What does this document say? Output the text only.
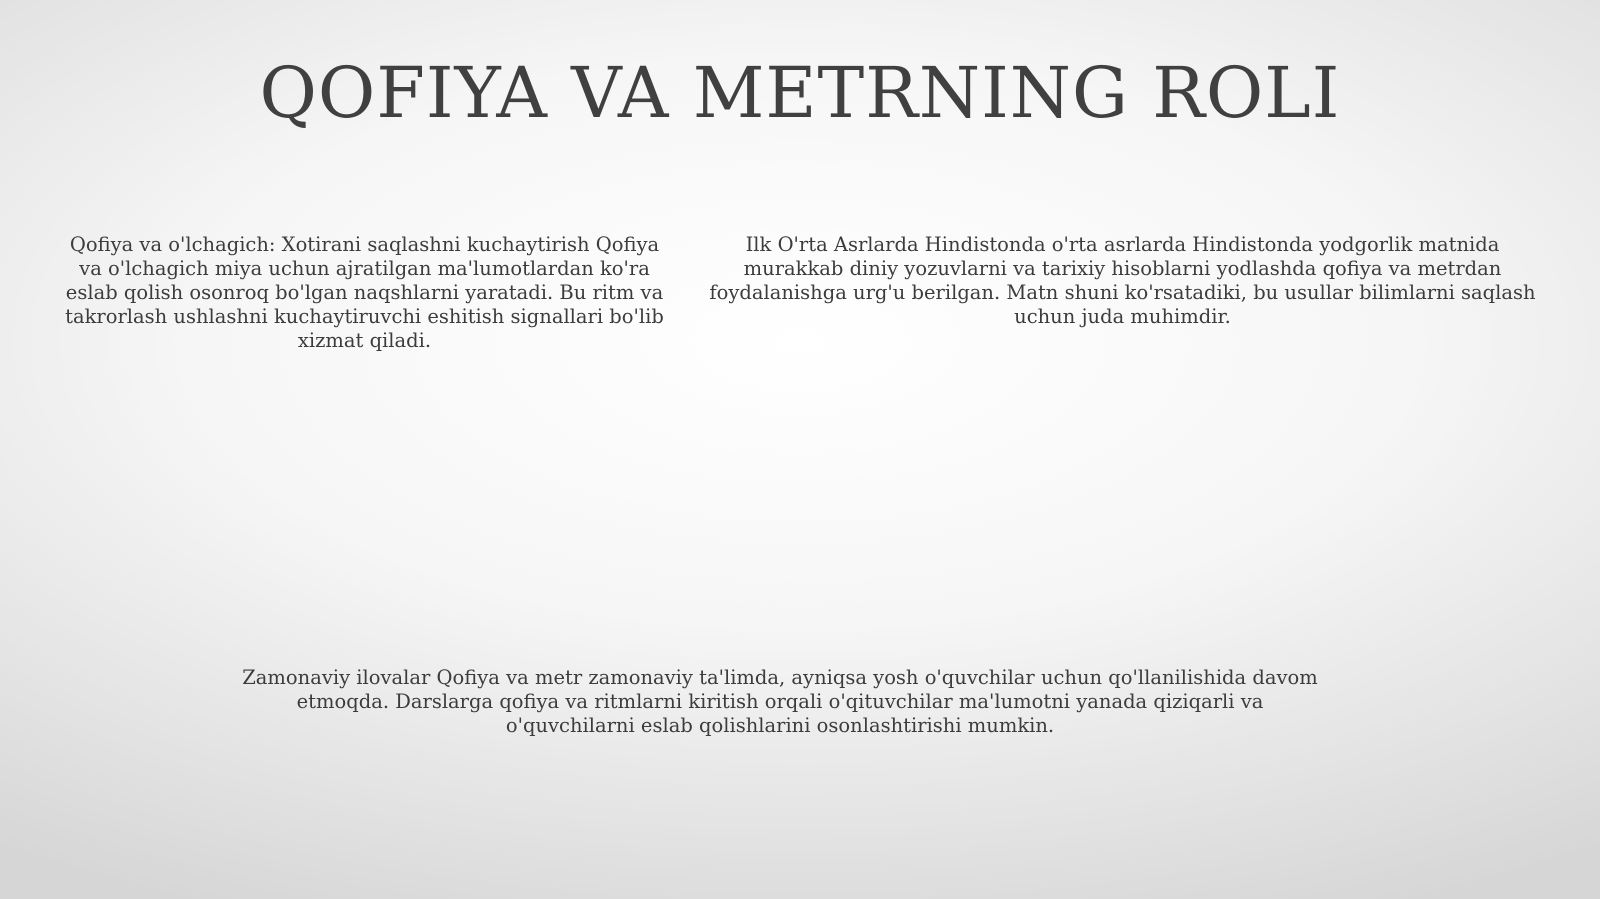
QOFIYA VA METRNING ROLI

Qofiya va o'lchagich: Xotirani saqlashni kuchaytirish Qofiya va o'lchagich miya uchun ajratilgan ma'lumotlardan ko'ra eslab qolish osonroq bo'lgan naqshlarni yaratadi. Bu ritm va takrorlash ushlashni kuchaytiruvchi eshitish signallari bo'lib xizmat qiladi.

Ilk O'rta Asrlarda Hindistonda o'rta asrlarda Hindistonda yodgorlik matnida murakkab diniy yozuvlarni va tarixiy hisoblarni yodlashda qofiya va metrdan foydalanishga urg'u berilgan. Matn shuni ko'rsatadiki, bu usullar bilimlarni saqlash uchun juda muhimdir.

Zamonaviy ilovalar Qofiya va metr zamonaviy ta'limda, ayniqsa yosh o'quvchilar uchun qo'llanilishida davom etmoqda. Darslarga qofiya va ritmlarni kiritish orqali o'qituvchilar ma'lumotni yanada qiziqarli va o'quvchilarni eslab qolishlarini osonlashtirishi mumkin.
